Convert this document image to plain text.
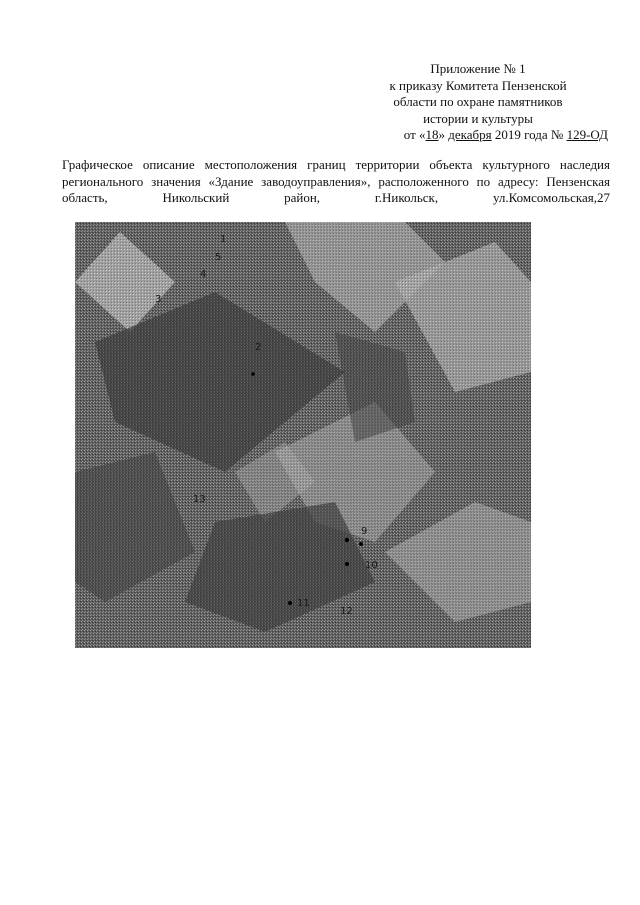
Приложение № 1
к приказу Комитета Пензенской
области по охране памятников
истории и культуры
от «18» декабря 2019 года № 129-ОД
Графическое описание местоположения границ территории объекта культурного наследия регионального значения «Здание заводоуправления», расположенного по адресу: Пензенская область, Никольский район, г.Никольск, ул.Комсомольская,27
1
2
3
4
5
9
10
11
12
13
